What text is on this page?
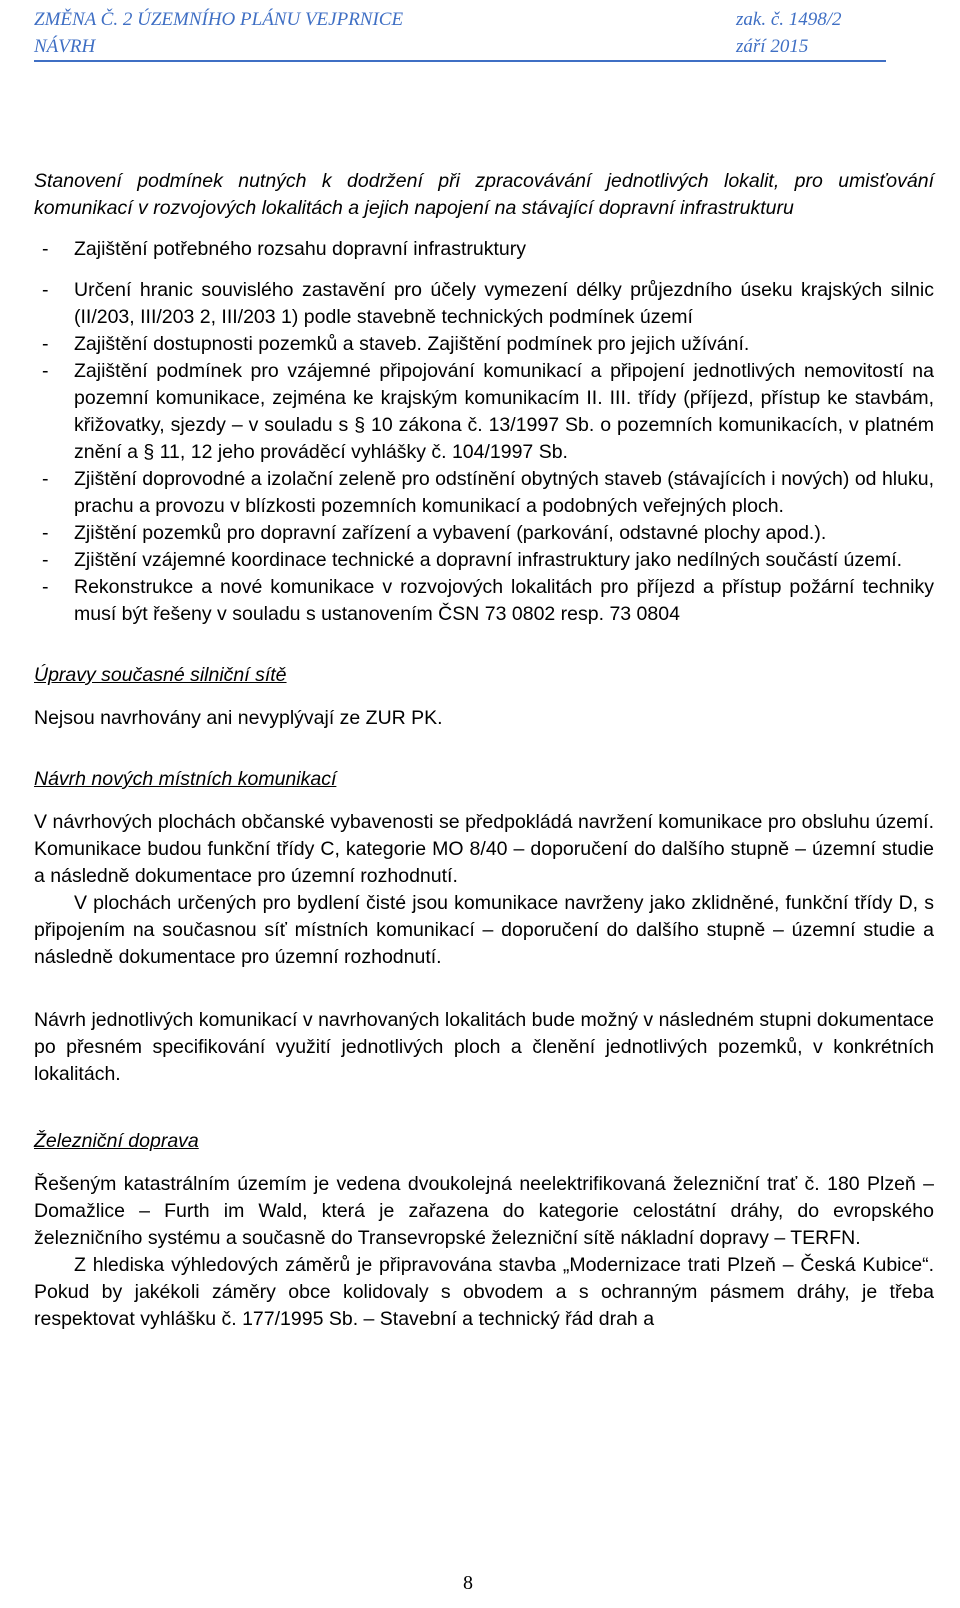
ZMĚNA Č. 2 ÚZEMNÍHO PLÁNU VEJPRNICE	zak. č. 1498/2
NÁVRH	září 2015
Stanovení podmínek nutných k dodržení při zpracovávání jednotlivých lokalit, pro umisťování komunikací v rozvojových lokalitách a jejich napojení na stávající dopravní infrastrukturu
- Zajištění potřebného rozsahu dopravní infrastruktury
- Určení hranic souvislého zastavění pro účely vymezení délky průjezdního úseku krajských silnic (II/203, III/203 2, III/203 1) podle stavebně technických podmínek území
- Zajištění dostupnosti pozemků a staveb. Zajištění podmínek pro jejich užívání.
- Zajištění podmínek pro vzájemné připojování komunikací a připojení jednotlivých nemovitostí na pozemní komunikace, zejména ke krajským komunikacím II. III. třídy (příjezd, přístup ke stavbám, křižovatky, sjezdy – v souladu s § 10 zákona č. 13/1997 Sb. o pozemních komunikacích, v platném znění a § 11, 12 jeho prováděcí vyhlášky č. 104/1997 Sb.
- Zjištění doprovodné a izolační zeleně pro odstínění obytných staveb (stávajících i nových) od hluku, prachu a provozu v blízkosti pozemních komunikací a podobných veřejných ploch.
- Zjištění pozemků pro dopravní zařízení a vybavení (parkování, odstavné plochy apod.).
- Zjištění vzájemné koordinace technické a dopravní infrastruktury jako nedílných součástí území.
- Rekonstrukce a nové komunikace v rozvojových lokalitách pro příjezd a přístup požární techniky musí být řešeny v souladu s ustanovením ČSN 73 0802 resp. 73 0804
Úpravy současné silniční sítě
Nejsou navrhovány ani nevyplývají ze ZUR PK.
Návrh nových místních komunikací
V návrhových plochách občanské vybavenosti se předpokládá navržení komunikace pro obsluhu území. Komunikace budou funkční třídy C, kategorie MO 8/40 – doporučení do dalšího stupně – územní studie a následně dokumentace pro územní rozhodnutí.
V plochách určených pro bydlení čisté jsou komunikace navrženy jako zklidněné, funkční třídy D, s připojením na současnou síť místních komunikací – doporučení do dalšího stupně – územní studie a následně dokumentace pro územní rozhodnutí.
Návrh jednotlivých komunikací v navrhovaných lokalitách bude možný v následném stupni dokumentace po přesném specifikování využití jednotlivých ploch a členění jednotlivých pozemků, v konkrétních lokalitách.
Železniční doprava
Řešeným katastrálním územím je vedena dvoukolejná neelektrifikovaná železniční trať č. 180 Plzeň – Domažlice – Furth im Wald, která je zařazena do kategorie celostátní dráhy, do evropského železničního systému a současně do Transevropské železniční sítě nákladní dopravy – TERFN.
Z hlediska výhledových záměrů je připravována stavba „Modernizace trati Plzeň – Česká Kubice“. Pokud by jakékoli záměry obce kolidovaly s obvodem a s ochranným pásmem dráhy, je třeba respektovat vyhlášku č. 177/1995 Sb. – Stavební a technický řád drah a
8
